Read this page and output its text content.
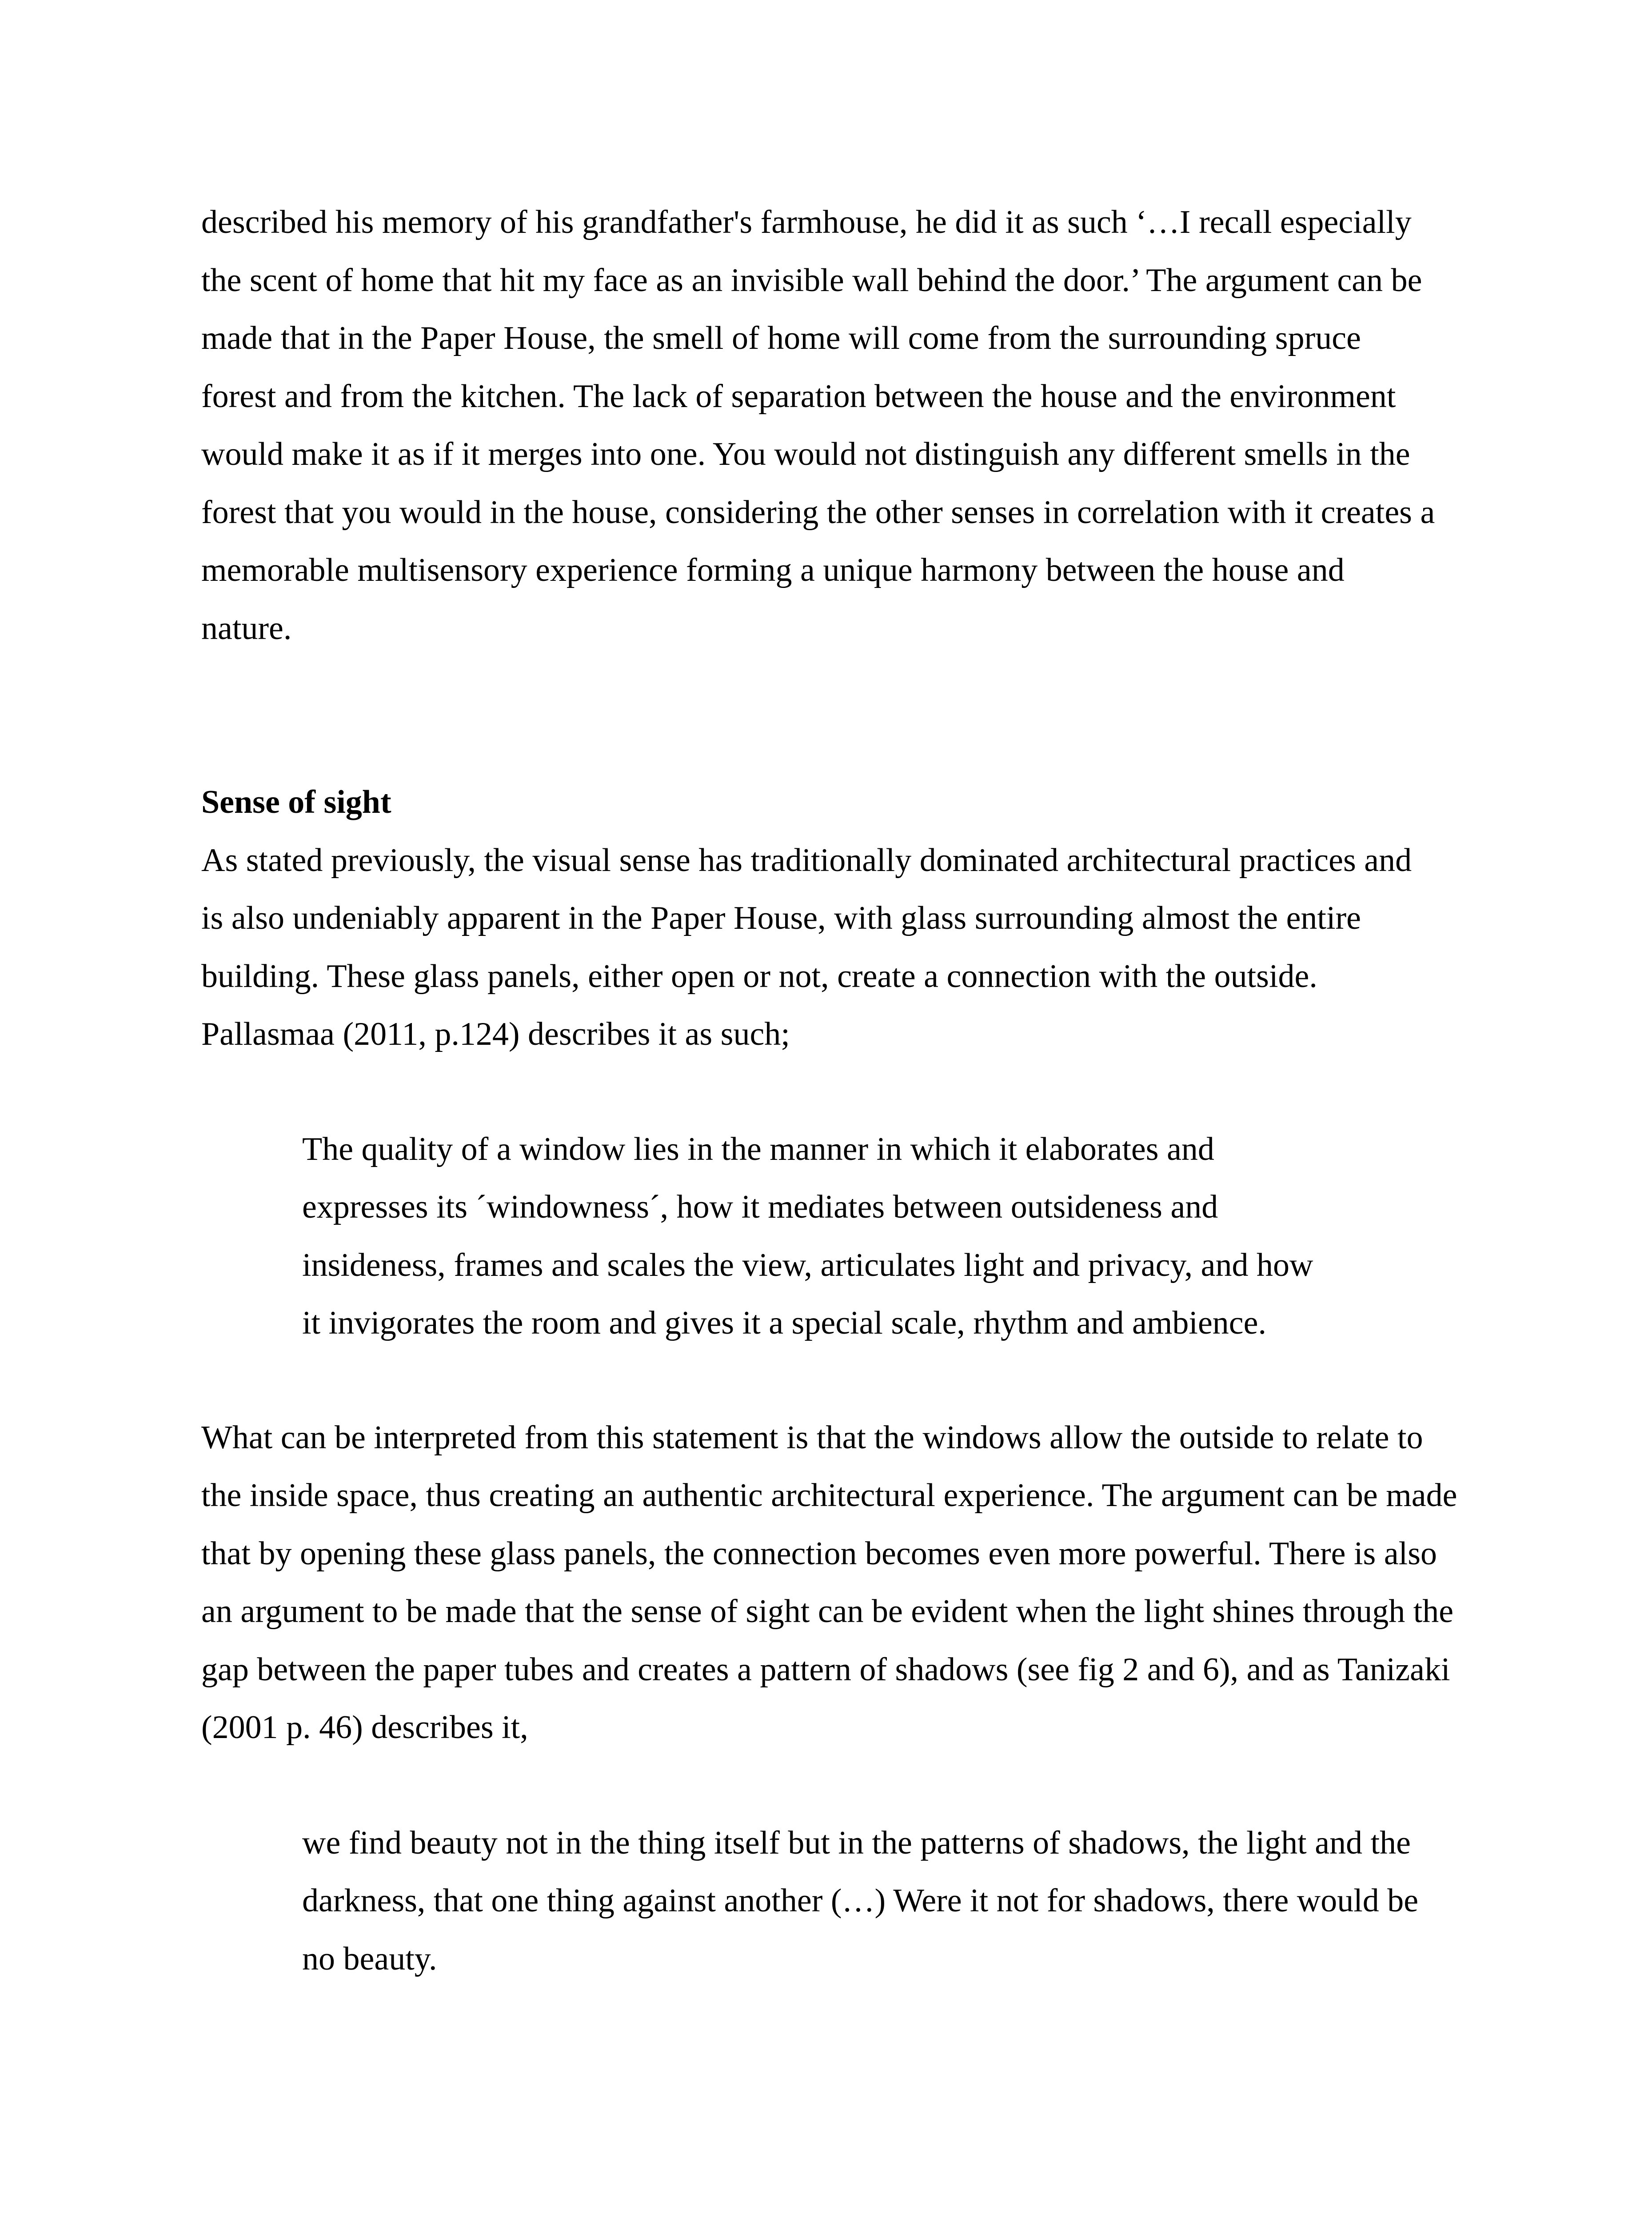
described his memory of his grandfather's farmhouse, he did it as such ‘…I recall especially
the scent of home that hit my face as an invisible wall behind the door.’ The argument can be
made that in the Paper House, the smell of home will come from the surrounding spruce
forest and from the kitchen. The lack of separation between the house and the environment
would make it as if it merges into one. You would not distinguish any different smells in the
forest that you would in the house, considering the other senses in correlation with it creates a
memorable multisensory experience forming a unique harmony between the house and
nature.
Sense of sight
As stated previously, the visual sense has traditionally dominated architectural practices and
is also undeniably apparent in the Paper House, with glass surrounding almost the entire
building. These glass panels, either open or not, create a connection with the outside.
Pallasmaa (2011, p.124) describes it as such;
The quality of a window lies in the manner in which it elaborates and
expresses its ´windowness´, how it mediates between outsideness and
insideness, frames and scales the view, articulates light and privacy, and how
it invigorates the room and gives it a special scale, rhythm and ambience.
What can be interpreted from this statement is that the windows allow the outside to relate to
the inside space, thus creating an authentic architectural experience. The argument can be made
that by opening these glass panels, the connection becomes even more powerful. There is also
an argument to be made that the sense of sight can be evident when the light shines through the
gap between the paper tubes and creates a pattern of shadows (see fig 2 and 6), and as Tanizaki
(2001 p. 46) describes it,
we find beauty not in the thing itself but in the patterns of shadows, the light and the
darkness, that one thing against another (…) Were it not for shadows, there would be
no beauty.
